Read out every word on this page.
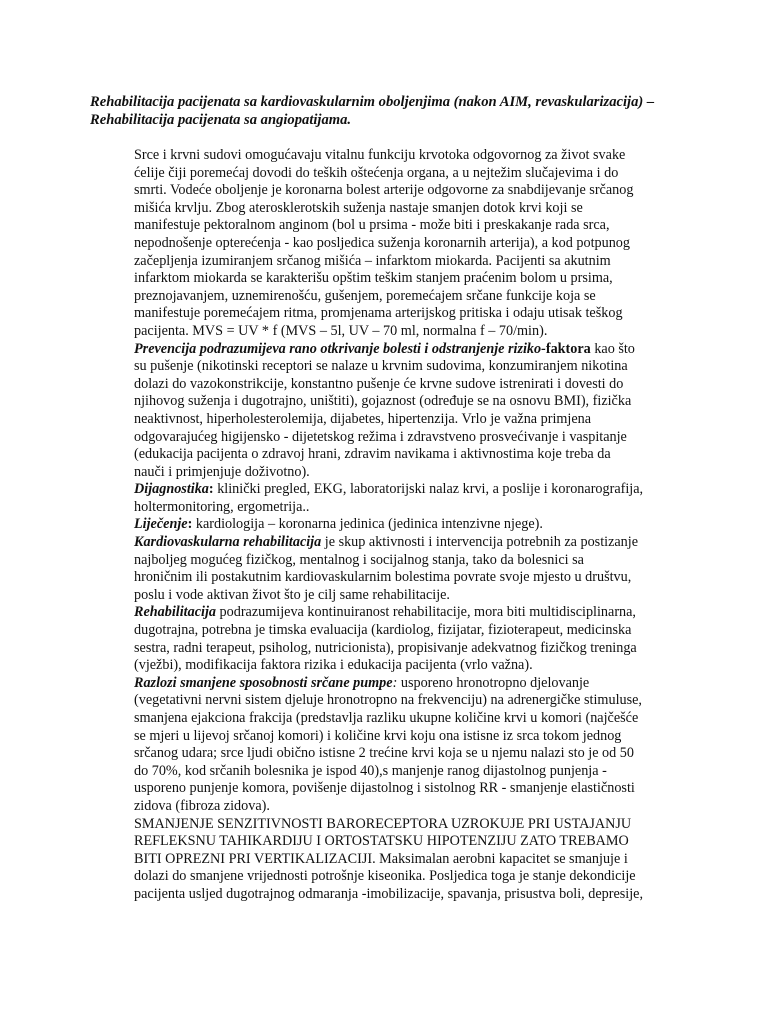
Rehabilitacija pacijenata sa kardiovaskularnim oboljenjima (nakon AIM, revaskularizacija) –
Rehabilitacija pacijenata sa angiopatijama.
Srce i krvni sudovi omogućavaju vitalnu funkciju krvotoka odgovornog za život svake
ćelije čiji poremećaj dovodi do teških oštećenja organa, a u nejtežim slučajevima i do
smrti. Vodeće oboljenje je koronarna bolest arterije odgovorne za snabdijevanje srčanog
mišića krvlju. Zbog aterosklerotskih suženja nastaje smanjen dotok krvi koji se
manifestuje pektoralnom anginom (bol u prsima - može biti i preskakanje rada srca,
nepodnošenje opterećenja - kao posljedica suženja koronarnih arterija), a kod potpunog
začepljenja izumiranjem srčanog mišića – infarktom miokarda. Pacijenti sa akutnim
infarktom miokarda se karakterišu opštim teškim stanjem praćenim bolom u prsima,
preznojavanjem, uznemirenošću, gušenjem, poremećajem srčane funkcije koja se
manifestuje poremećajem ritma, promjenama arterijskog pritiska i odaju utisak teškog
pacijenta. MVS = UV * f (MVS – 5l, UV – 70 ml, normalna f – 70/min).
Prevencija podrazumijeva rano otkrivanje bolesti i odstranjenje riziko-faktora kao što
su pušenje (nikotinski receptori se nalaze u krvnim sudovima, konzumiranjem nikotina
dolazi do vazokonstrikcije, konstantno pušenje će krvne sudove istrenirati i dovesti do
njihovog suženja i dugotrajno, uništiti), gojaznost (određuje se na osnovu BMI), fizička
neaktivnost, hiperholesterolemija, dijabetes, hipertenzija. Vrlo je važna primjena
odgovarajućeg higijensko - dijetetskog režima i zdravstveno prosvećivanje i vaspitanje
(edukacija pacijenta o zdravoj hrani, zdravim navikama i aktivnostima koje treba da
nauči i primjenjuje doživotno).
Dijagnostika: klinički pregled, EKG, laboratorijski nalaz krvi, a poslije i koronarografija,
holtermonitoring, ergometrija..
Liječenje: kardiologija – koronarna jedinica (jedinica intenzivne njege).
Kardiovaskularna rehabilitacija je skup aktivnosti i intervencija potrebnih za postizanje
najboljeg mogućeg fizičkog, mentalnog i socijalnog stanja, tako da bolesnici sa
hroničnim ili postakutnim kardiovaskularnim bolestima povrate svoje mjesto u društvu,
poslu i vode aktivan život što je cilj same rehabilitacije.
Rehabilitacija podrazumijeva kontinuiranost rehabilitacije, mora biti multidisciplinarna,
dugotrajna, potrebna je timska evaluacija (kardiolog, fizijatar, fizioterapeut, medicinska
sestra, radni terapeut, psiholog, nutricionista), propisivanje adekvatnog fizičkog treninga
(vježbi), modifikacija faktora rizika i edukacija pacijenta (vrlo važna).
Razlozi smanjene sposobnosti srčane pumpe: usporeno hronotropno djelovanje
(vegetativni nervni sistem djeluje hronotropno na frekvenciju) na adrenergičke stimuluse,
smanjena ejakciona frakcija (predstavlja razliku ukupne količine krvi u komori (najčešće
se mjeri u lijevoj srčanoj komori) i količine krvi koju ona istisne iz srca tokom jednog
srčanog udara; srce ljudi obično istisne 2 trećine krvi koja se u njemu nalazi sto je od 50
do 70%, kod srčanih bolesnika je ispod 40),s manjenje ranog dijastolnog punjenja -
usporeno punjenje komora, povišenje dijastolnog i sistolnog RR - smanjenje elastičnosti
zidova (fibroza zidova).
SMANJENJE SENZITIVNOSTI BARORECEPTORA UZROKUJE PRI USTAJANJU
REFLEKSNU TAHIKARDIJU I ORTOSTATSKU HIPOTENZIJU ZATO TREBAMO
BITI OPREZNI PRI VERTIKALIZACIJI. Maksimalan aerobni kapacitet se smanjuje i
dolazi do smanjene vrijednosti potrošnje kiseonika. Posljedica toga je stanje dekondicije
pacijenta usljed dugotrajnog odmaranja -imobilizacije, spavanja, prisustva boli, depresije,
